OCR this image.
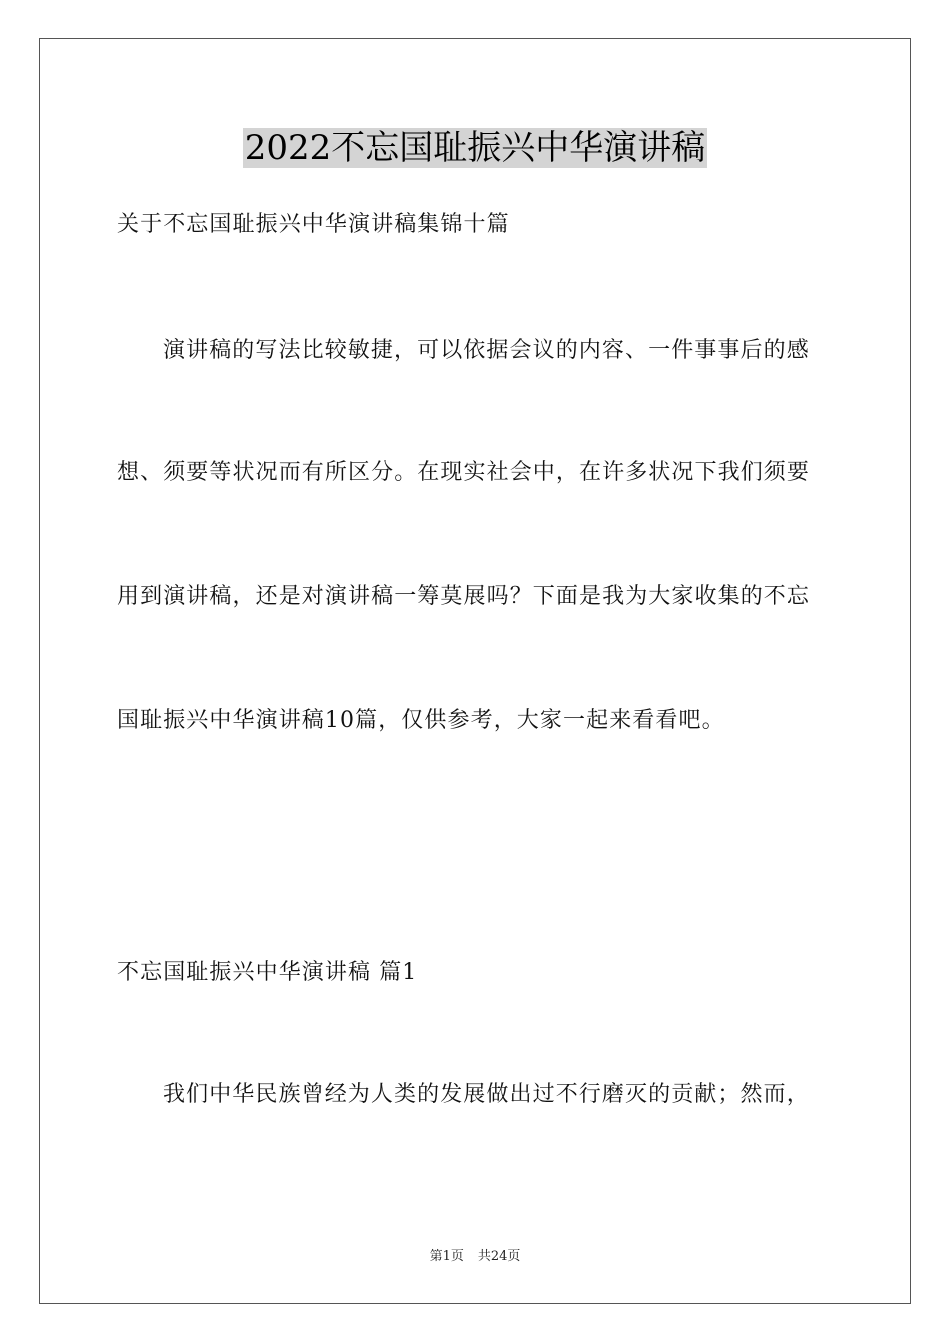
2022不忘国耻振兴中华演讲稿
关于不忘国耻振兴中华演讲稿集锦十篇
演讲稿的写法比较敏捷，可以依据会议的内容、一件事事后的感
想、须要等状况而有所区分。在现实社会中，在许多状况下我们须要
用到演讲稿，还是对演讲稿一筹莫展吗？下面是我为大家收集的不忘
国耻振兴中华演讲稿10篇，仅供参考，大家一起来看看吧。
不忘国耻振兴中华演讲稿 篇1
我们中华民族曾经为人类的发展做出过不行磨灭的贡献；然而，
第1页 共24页
